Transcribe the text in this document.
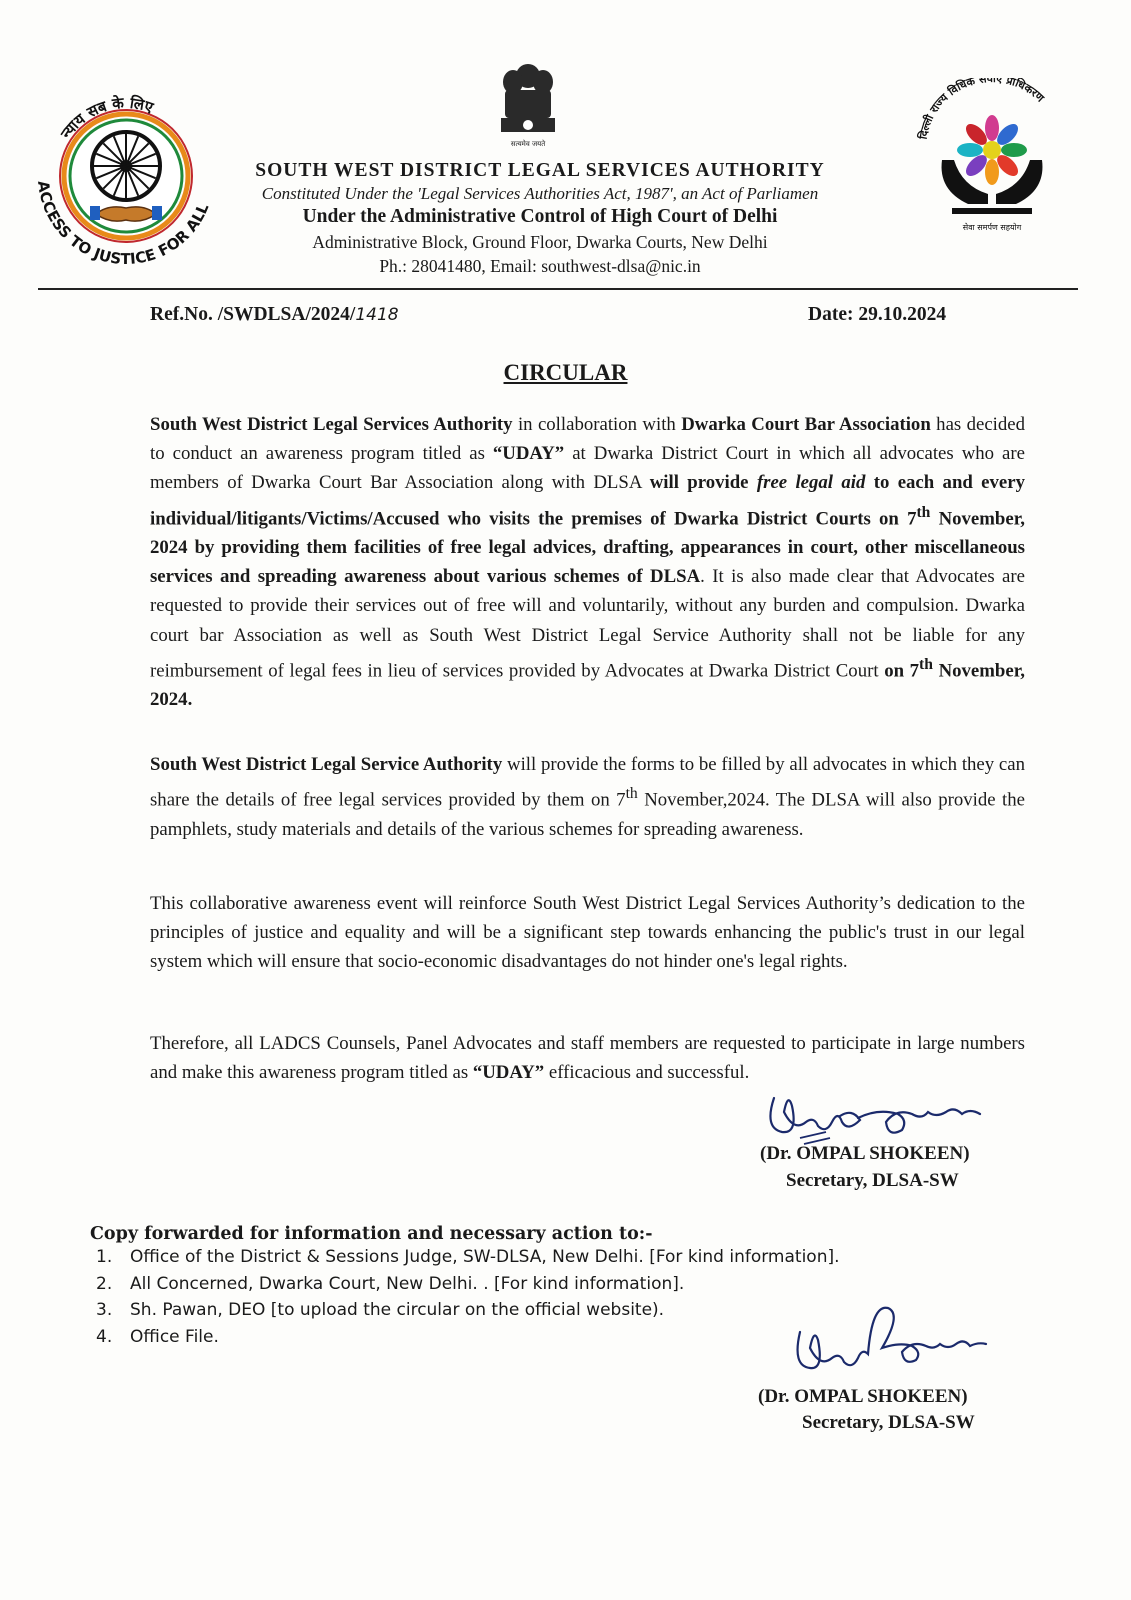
न्याय सब के लिए
ACCESS TO JUSTICE FOR ALL
सत्यमेव जयते
दिल्ली राज्य विधिक सेवाएं प्राधिकरण
सेवा समर्पण सहयोग
SOUTH WEST DISTRICT LEGAL SERVICES AUTHORITY
Constituted Under the 'Legal Services Authorities Act, 1987', an Act of Parliamen
Under the Administrative Control of High Court of Delhi
Administrative Block, Ground Floor, Dwarka Courts, New Delhi
Ph.: 28041480, Email: southwest-dlsa@nic.in
Ref.No. /SWDLSA/2024/1418	Date: 29.10.2024
CIRCULAR
South West District Legal Services Authority in collaboration with Dwarka Court Bar Association has decided to conduct an awareness program titled as “UDAY” at Dwarka District Court in which all advocates who are members of Dwarka Court Bar Association along with DLSA will provide free legal aid to each and every individual/litigants/Victims/Accused who visits the premises of Dwarka District Courts on 7th November, 2024 by providing them facilities of free legal advices, drafting, appearances in court, other miscellaneous services and spreading awareness about various schemes of DLSA. It is also made clear that Advocates are requested to provide their services out of free will and voluntarily, without any burden and compulsion. Dwarka court bar Association as well as South West District Legal Service Authority shall not be liable for any reimbursement of legal fees in lieu of services provided by Advocates at Dwarka District Court on 7th November, 2024.
South West District Legal Service Authority will provide the forms to be filled by all advocates in which they can share the details of free legal services provided by them on 7th November,2024. The DLSA will also provide the pamphlets, study materials and details of the various schemes for spreading awareness.
This collaborative awareness event will reinforce South West District Legal Services Authority’s dedication to the principles of justice and equality and will be a significant step towards enhancing the public's trust in our legal system which will ensure that socio-economic disadvantages do not hinder one's legal rights.
Therefore, all LADCS Counsels, Panel Advocates and staff members are requested to participate in large numbers and make this awareness program titled as “UDAY” efficacious and successful.
(Dr. OMPAL SHOKEEN)
Secretary, DLSA-SW
Copy forwarded for information and necessary action to:-
1. Office of the District & Sessions Judge, SW-DLSA, New Delhi. [For kind information].
2. All Concerned, Dwarka Court, New Delhi. . [For kind information].
3. Sh. Pawan, DEO [to upload the circular on the official website).
4. Office File.
(Dr. OMPAL SHOKEEN)
Secretary, DLSA-SW
